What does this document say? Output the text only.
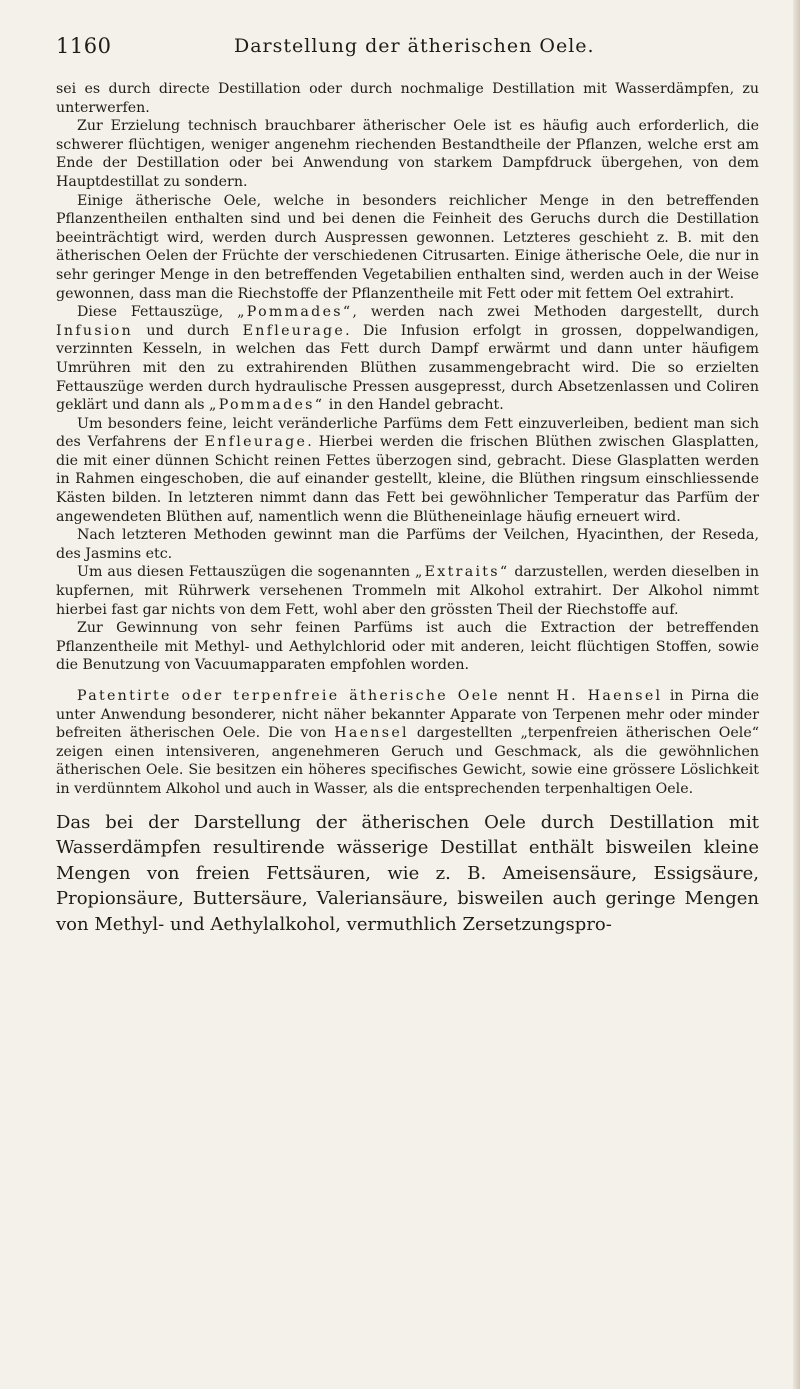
1160	Darstellung der ätherischen Oele.

sei es durch directe Destillation oder durch nochmalige Destillation mit Wasserdämpfen, zu unterwerfen.

Zur Erzielung technisch brauchbarer ätherischer Oele ist es häufig auch erforderlich, die schwerer flüchtigen, weniger angenehm riechenden Bestandtheile der Pflanzen, welche erst am Ende der Destillation oder bei Anwendung von starkem Dampfdruck übergehen, von dem Hauptdestillat zu sondern.

Einige ätherische Oele, welche in besonders reichlicher Menge in den betreffenden Pflanzentheilen enthalten sind und bei denen die Feinheit des Geruchs durch die Destillation beeinträchtigt wird, werden durch Auspressen gewonnen. Letzteres geschieht z. B. mit den ätherischen Oelen der Früchte der verschiedenen Citrusarten. Einige ätherische Oele, die nur in sehr geringer Menge in den betreffenden Vegetabilien enthalten sind, werden auch in der Weise gewonnen, dass man die Riechstoffe der Pflanzentheile mit Fett oder mit fettem Oel extrahirt.

Diese Fettauszüge, „Pommades“, werden nach zwei Methoden dargestellt, durch Infusion und durch Enfleurage. Die Infusion erfolgt in grossen, doppelwandigen, verzinnten Kesseln, in welchen das Fett durch Dampf erwärmt und dann unter häufigem Umrühren mit den zu extrahirenden Blüthen zusammengebracht wird. Die so erzielten Fettauszüge werden durch hydraulische Pressen ausgepresst, durch Absetzenlassen und Coliren geklärt und dann als „Pommades“ in den Handel gebracht.

Um besonders feine, leicht veränderliche Parfüms dem Fett einzuverleiben, bedient man sich des Verfahrens der Enfleurage. Hierbei werden die frischen Blüthen zwischen Glasplatten, die mit einer dünnen Schicht reinen Fettes überzogen sind, gebracht. Diese Glasplatten werden in Rahmen eingeschoben, die auf einander gestellt, kleine, die Blüthen ringsum einschliessende Kästen bilden. In letzteren nimmt dann das Fett bei gewöhnlicher Temperatur das Parfüm der angewendeten Blüthen auf, namentlich wenn die Blütheneinlage häufig erneuert wird.

Nach letzteren Methoden gewinnt man die Parfüms der Veilchen, Hyacinthen, der Reseda, des Jasmins etc.

Um aus diesen Fettauszügen die sogenannten „Extraits“ darzustellen, werden dieselben in kupfernen, mit Rührwerk versehenen Trommeln mit Alkohol extrahirt. Der Alkohol nimmt hierbei fast gar nichts von dem Fett, wohl aber den grössten Theil der Riechstoffe auf.

Zur Gewinnung von sehr feinen Parfüms ist auch die Extraction der betreffenden Pflanzentheile mit Methyl- und Aethylchlorid oder mit anderen, leicht flüchtigen Stoffen, sowie die Benutzung von Vacuumapparaten empfohlen worden.

Patentirte oder terpenfreie ätherische Oele nennt H. Haensel in Pirna die unter Anwendung besonderer, nicht näher bekannter Apparate von Terpenen mehr oder minder befreiten ätherischen Oele. Die von Haensel dargestellten „terpenfreien ätherischen Oele“ zeigen einen intensiveren, angenehmeren Geruch und Geschmack, als die gewöhnlichen ätherischen Oele. Sie besitzen ein höheres specifisches Gewicht, sowie eine grössere Löslichkeit in verdünntem Alkohol und auch in Wasser, als die entsprechenden terpenhaltigen Oele.

Das bei der Darstellung der ätherischen Oele durch Destillation mit Wasserdämpfen resultirende wässerige Destillat enthält bisweilen kleine Mengen von freien Fettsäuren, wie z. B. Ameisensäure, Essigsäure, Propionsäure, Buttersäure, Valeriansäure, bisweilen auch geringe Mengen von Methyl- und Aethylalkohol, vermuthlich Zersetzungspro-
